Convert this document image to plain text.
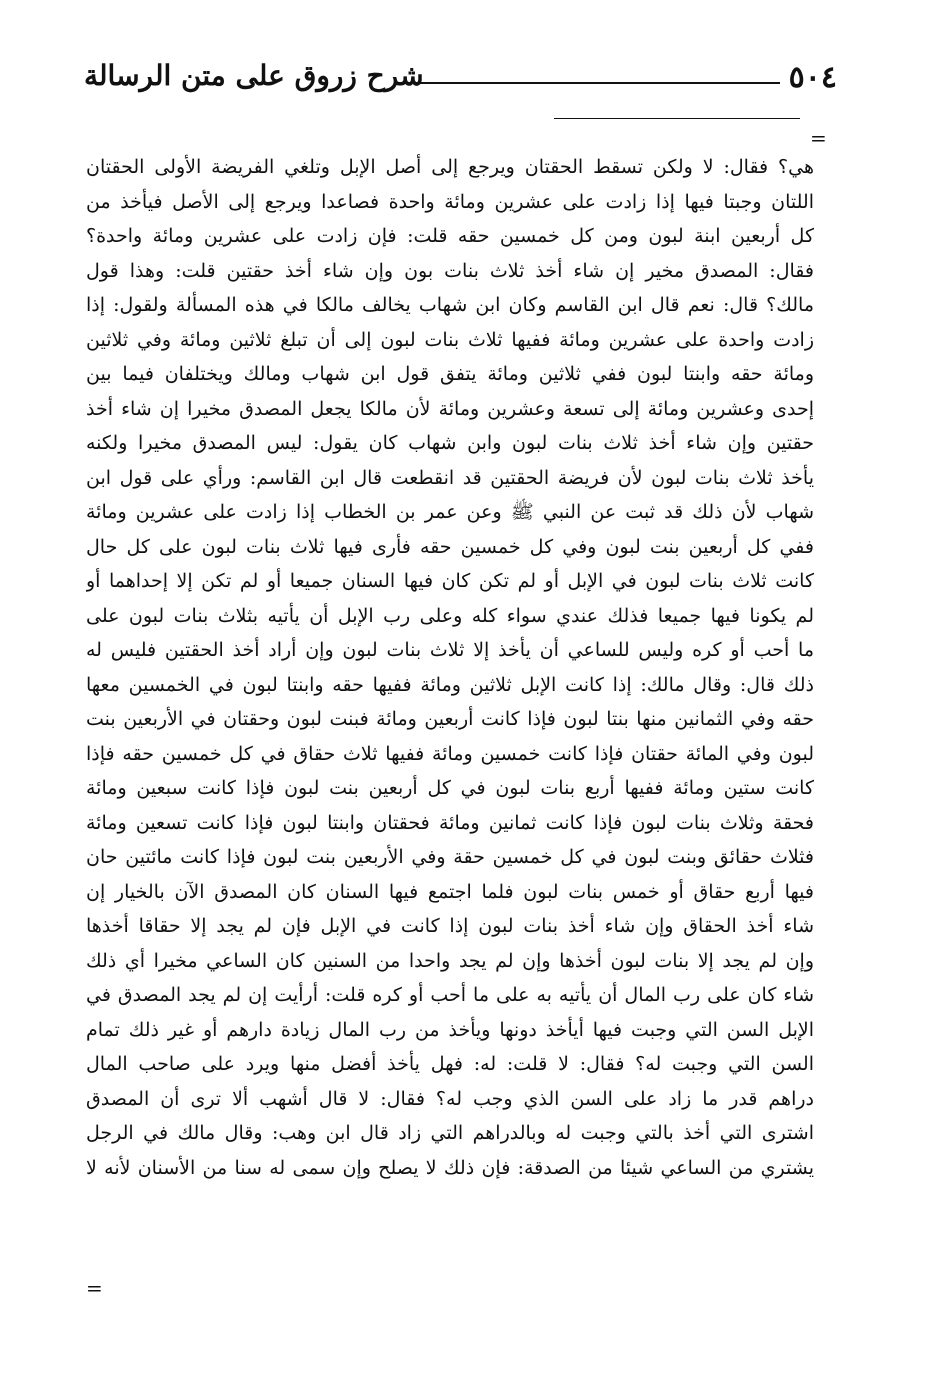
٥٠٤

شرح زروق على متن الرسالة

=
هي؟ فقال: لا ولكن تسقط الحقتان ويرجع إلى أصل الإبل وتلغي الفريضة الأولى الحقتان
اللتان وجبتا فيها إذا زادت على عشرين ومائة واحدة فصاعدا ويرجع إلى الأصل فيأخذ من
كل أربعين ابنة لبون ومن كل خمسين حقه قلت: فإن زادت على عشرين ومائة واحدة؟
فقال: المصدق مخير إن شاء أخذ ثلاث بنات بون وإن شاء أخذ حقتين قلت: وهذا قول
مالك؟ قال: نعم قال ابن القاسم وكان ابن شهاب يخالف مالكا في هذه المسألة ولقول: إذا
زادت واحدة على عشرين ومائة ففيها ثلاث بنات لبون إلى أن تبلغ ثلاثين ومائة وفي ثلاثين
ومائة حقه وابنتا لبون ففي ثلاثين ومائة يتفق قول ابن شهاب ومالك ويختلفان فيما بين
إحدى وعشرين ومائة إلى تسعة وعشرين ومائة لأن مالكا يجعل المصدق مخيرا إن شاء أخذ
حقتين وإن شاء أخذ ثلاث بنات لبون وابن شهاب كان يقول: ليس المصدق مخيرا ولكنه
يأخذ ثلاث بنات لبون لأن فريضة الحقتين قد انقطعت قال ابن القاسم: ورأي على قول ابن
شهاب لأن ذلك قد ثبت عن النبي ﷺ وعن عمر بن الخطاب إذا زادت على عشرين ومائة
ففي كل أربعين بنت لبون وفي كل خمسين حقه فأرى فيها ثلاث بنات لبون على كل حال
كانت ثلاث بنات لبون في الإبل أو لم تكن كان فيها السنان جميعا أو لم تكن إلا إحداهما أو
لم يكونا فيها جميعا فذلك عندي سواء كله وعلى رب الإبل أن يأتيه بثلاث بنات لبون على
ما أحب أو كره وليس للساعي أن يأخذ إلا ثلاث بنات لبون وإن أراد أخذ الحقتين فليس له
ذلك قال: وقال مالك: إذا كانت الإبل ثلاثين ومائة ففيها حقه وابنتا لبون في الخمسين معها
حقه وفي الثمانين منها بنتا لبون فإذا كانت أربعين ومائة فبنت لبون وحقتان في الأربعين بنت
لبون وفي المائة حقتان فإذا كانت خمسين ومائة ففيها ثلاث حقاق في كل خمسين حقه فإذا
كانت ستين ومائة ففيها أربع بنات لبون في كل أربعين بنت لبون فإذا كانت سبعين ومائة
فحقة وثلاث بنات لبون فإذا كانت ثمانين ومائة فحقتان وابنتا لبون فإذا كانت تسعين ومائة
فثلاث حقائق وبنت لبون في كل خمسين حقة وفي الأربعين بنت لبون فإذا كانت مائتين حان
فيها أربع حقاق أو خمس بنات لبون فلما اجتمع فيها السنان كان المصدق الآن بالخيار إن
شاء أخذ الحقاق وإن شاء أخذ بنات لبون إذا كانت في الإبل فإن لم يجد إلا حقاقا أخذها
وإن لم يجد إلا بنات لبون أخذها وإن لم يجد واحدا من السنين كان الساعي مخيرا أي ذلك
شاء كان على رب المال أن يأتيه به على ما أحب أو كره قلت: أرأيت إن لم يجد المصدق في
الإبل السن التي وجبت فيها أيأخذ دونها ويأخذ من رب المال زيادة دارهم أو غير ذلك تمام
السن التي وجبت له؟ فقال: لا قلت: له: فهل يأخذ أفضل منها ويرد على صاحب المال
دراهم قدر ما زاد على السن الذي وجب له؟ فقال: لا قال أشهب ألا ترى أن المصدق
اشترى التي أخذ بالتي وجبت له وبالدراهم التي زاد قال ابن وهب: وقال مالك في الرجل
يشتري من الساعي شيئا من الصدقة: فإن ذلك لا يصلح وإن سمى له سنا من الأسنان لأنه لا
=
